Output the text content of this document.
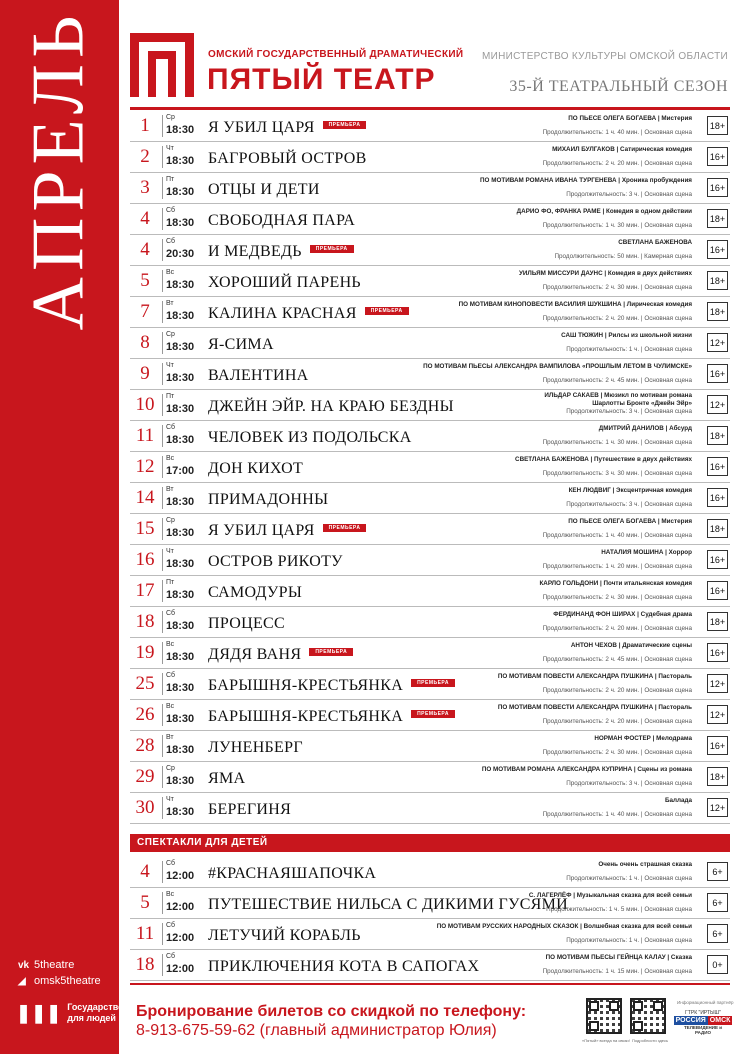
АПРЕЛЬ
vk 5theatre
◢ omsk5theatre
❚❚❚ Государство
для людей
ОМСКИЙ ГОСУДАРСТВЕННЫЙ ДРАМАТИЧЕСКИЙ
ПЯТЫЙ ТЕАТР
МИНИСТЕРСТВО КУЛЬТУРЫ ОМСКОЙ ОБЛАСТИ
35-Й ТЕАТРАЛЬНЫЙ СЕЗОН
1	Ср
18:30 Я УБИЛ ЦАРЯ	ПРЕМЬЕРА
ПО ПЬЕСЕ ОЛЕГА БОГАЕВА | Мистерия
Продолжительность: 1 ч. 40 мин. | Основная сцена
18+
2	Чт
18:30 БАГРОВЫЙ ОСТРОВ
МИХАИЛ БУЛГАКОВ | Сатирическая комедия
Продолжительность: 2 ч. 20 мин. | Основная сцена
16+
3	Пт
18:30 ОТЦЫ И ДЕТИ
ПО МОТИВАМ РОМАНА ИВАНА ТУРГЕНЕВА | Хроника пробуждения
Продолжительность: 3 ч. | Основная сцена
16+
4	Сб
18:30 СВОБОДНАЯ ПАРА
ДАРИО ФО, ФРАНКА РАМЕ | Комедия в одном действии
Продолжительность: 1 ч. 30 мин. | Основная сцена
18+
4	Сб
20:30 И МЕДВЕДЬ	ПРЕМЬЕРА
СВЕТЛАНА БАЖЕНОВА
Продолжительность: 50 мин. | Камерная сцена
16+
5	Вс
18:30 ХОРОШИЙ ПАРЕНЬ
УИЛЬЯМ МИССУРИ ДАУНС | Комедия в двух действиях
Продолжительность: 2 ч. 30 мин. | Основная сцена
18+
7	Вт
18:30 КАЛИНА КРАСНАЯ	ПРЕМЬЕРА
ПО МОТИВАМ КИНОПОВЕСТИ ВАСИЛИЯ ШУКШИНА | Лирическая комедия
Продолжительность: 2 ч. 20 мин. | Основная сцена
18+
8	Ср
18:30 Я-СИМА
САШ ТЮЖИН | Рилсы из школьной жизни
Продолжительность: 1 ч. | Основная сцена
12+
9	Чт
18:30 ВАЛЕНТИНА
ПО МОТИВАМ ПЬЕСЫ АЛЕКСАНДРА ВАМПИЛОВА «ПРОШЛЫМ ЛЕТОМ В ЧУЛИМСКЕ»
Продолжительность: 2 ч. 45 мин. | Основная сцена
16+
10	Пт
18:30 ДЖЕЙН ЭЙР. НА КРАЮ БЕЗДНЫ
ИЛЬДАР САКАЕВ | Мюзикл по мотивам романа
Шарлотты Бронте «Джейн Эйр»
Продолжительность: 3 ч. | Основная сцена
12+
11	Сб
18:30 ЧЕЛОВЕК ИЗ ПОДОЛЬСКА
ДМИТРИЙ ДАНИЛОВ | Абсурд
Продолжительность: 1 ч. 30 мин. | Основная сцена
18+
12	Вс
17:00 ДОН КИХОТ
СВЕТЛАНА БАЖЕНОВА | Путешествие в двух действиях
Продолжительность: 3 ч. 30 мин. | Основная сцена
16+
14	Вт
18:30 ПРИМАДОННЫ
КЕН ЛЮДВИГ | Эксцентричная комедия
Продолжительность: 3 ч. | Основная сцена
16+
15	Ср
18:30 Я УБИЛ ЦАРЯ	ПРЕМЬЕРА
ПО ПЬЕСЕ ОЛЕГА БОГАЕВА | Мистерия
Продолжительность: 1 ч. 40 мин. | Основная сцена
18+
16	Чт
18:30 ОСТРОВ РИКОТУ
НАТАЛИЯ МОШИНА | Хоррор
Продолжительность: 1 ч. 20 мин. | Основная сцена
16+
17	Пт
18:30 САМОДУРЫ
КАРЛО ГОЛЬДОНИ | Почти итальянская комедия
Продолжительность: 2 ч. 30 мин. | Основная сцена
16+
18	Сб
18:30 ПРОЦЕСС
ФЕРДИНАНД ФОН ШИРАХ | Судебная драма
Продолжительность: 2 ч. 20 мин. | Основная сцена
18+
19	Вс
18:30 ДЯДЯ ВАНЯ	ПРЕМЬЕРА
АНТОН ЧЕХОВ | Драматические сцены
Продолжительность: 2 ч. 45 мин. | Основная сцена
16+
25	Сб
18:30 БАРЫШНЯ-КРЕСТЬЯНКА	ПРЕМЬЕРА
ПО МОТИВАМ ПОВЕСТИ АЛЕКСАНДРА ПУШКИНА | Пастораль
Продолжительность: 2 ч. 20 мин. | Основная сцена
12+
26	Вс
18:30 БАРЫШНЯ-КРЕСТЬЯНКА	ПРЕМЬЕРА
ПО МОТИВАМ ПОВЕСТИ АЛЕКСАНДРА ПУШКИНА | Пастораль
Продолжительность: 2 ч. 20 мин. | Основная сцена
12+
28	Вт
18:30 ЛУНЕНБЕРГ
НОРМАН ФОСТЕР | Мелодрама
Продолжительность: 2 ч. 30 мин. | Основная сцена
16+
29	Ср
18:30 ЯМА
ПО МОТИВАМ РОМАНА АЛЕКСАНДРА КУПРИНА | Сцены из романа
Продолжительность: 3 ч. | Основная сцена
18+
30	Чт
18:30 БЕРЕГИНЯ
Баллада
Продолжительность: 1 ч. 40 мин. | Основная сцена
12+
СПЕКТАКЛИ ДЛЯ ДЕТЕЙ
4	Сб
12:00 #КРАСНАЯШАПОЧКА
Очень очень страшная сказка
Продолжительность: 1 ч. | Основная сцена
6+
5	Вс
12:00 ПУТЕШЕСТВИЕ НИЛЬСА С ДИКИМИ ГУСЯМИ
С. ЛАГЕРЛЁФ | Музыкальная сказка для всей семьи
Продолжительность: 1 ч. 5 мин. | Основная сцена
6+
11	Сб
12:00 ЛЕТУЧИЙ КОРАБЛЬ
ПО МОТИВАМ РУССКИХ НАРОДНЫХ СКАЗОК | Волшебная сказка для всей семьи
Продолжительность: 1 ч. | Основная сцена
6+
18	Сб
12:00 ПРИКЛЮЧЕНИЯ КОТА В САПОГАХ
ПО МОТИВАМ ПЬЕСЫ ГЕЙНЦА КАЛАУ | Сказка
Продолжительность: 1 ч. 15 мин. | Основная сцена
0+
Бронирование билетов со скидкой по телефону:
8-913-675-59-62 (главный администратор Юлия)
«Пятый» всегда на связи! Подробности здесь
Информационный партнёр
ГТРК "ИРТЫШ"
РОССИЯ ОМСК
ТЕЛЕВИДЕНИЕ и РАДИО
